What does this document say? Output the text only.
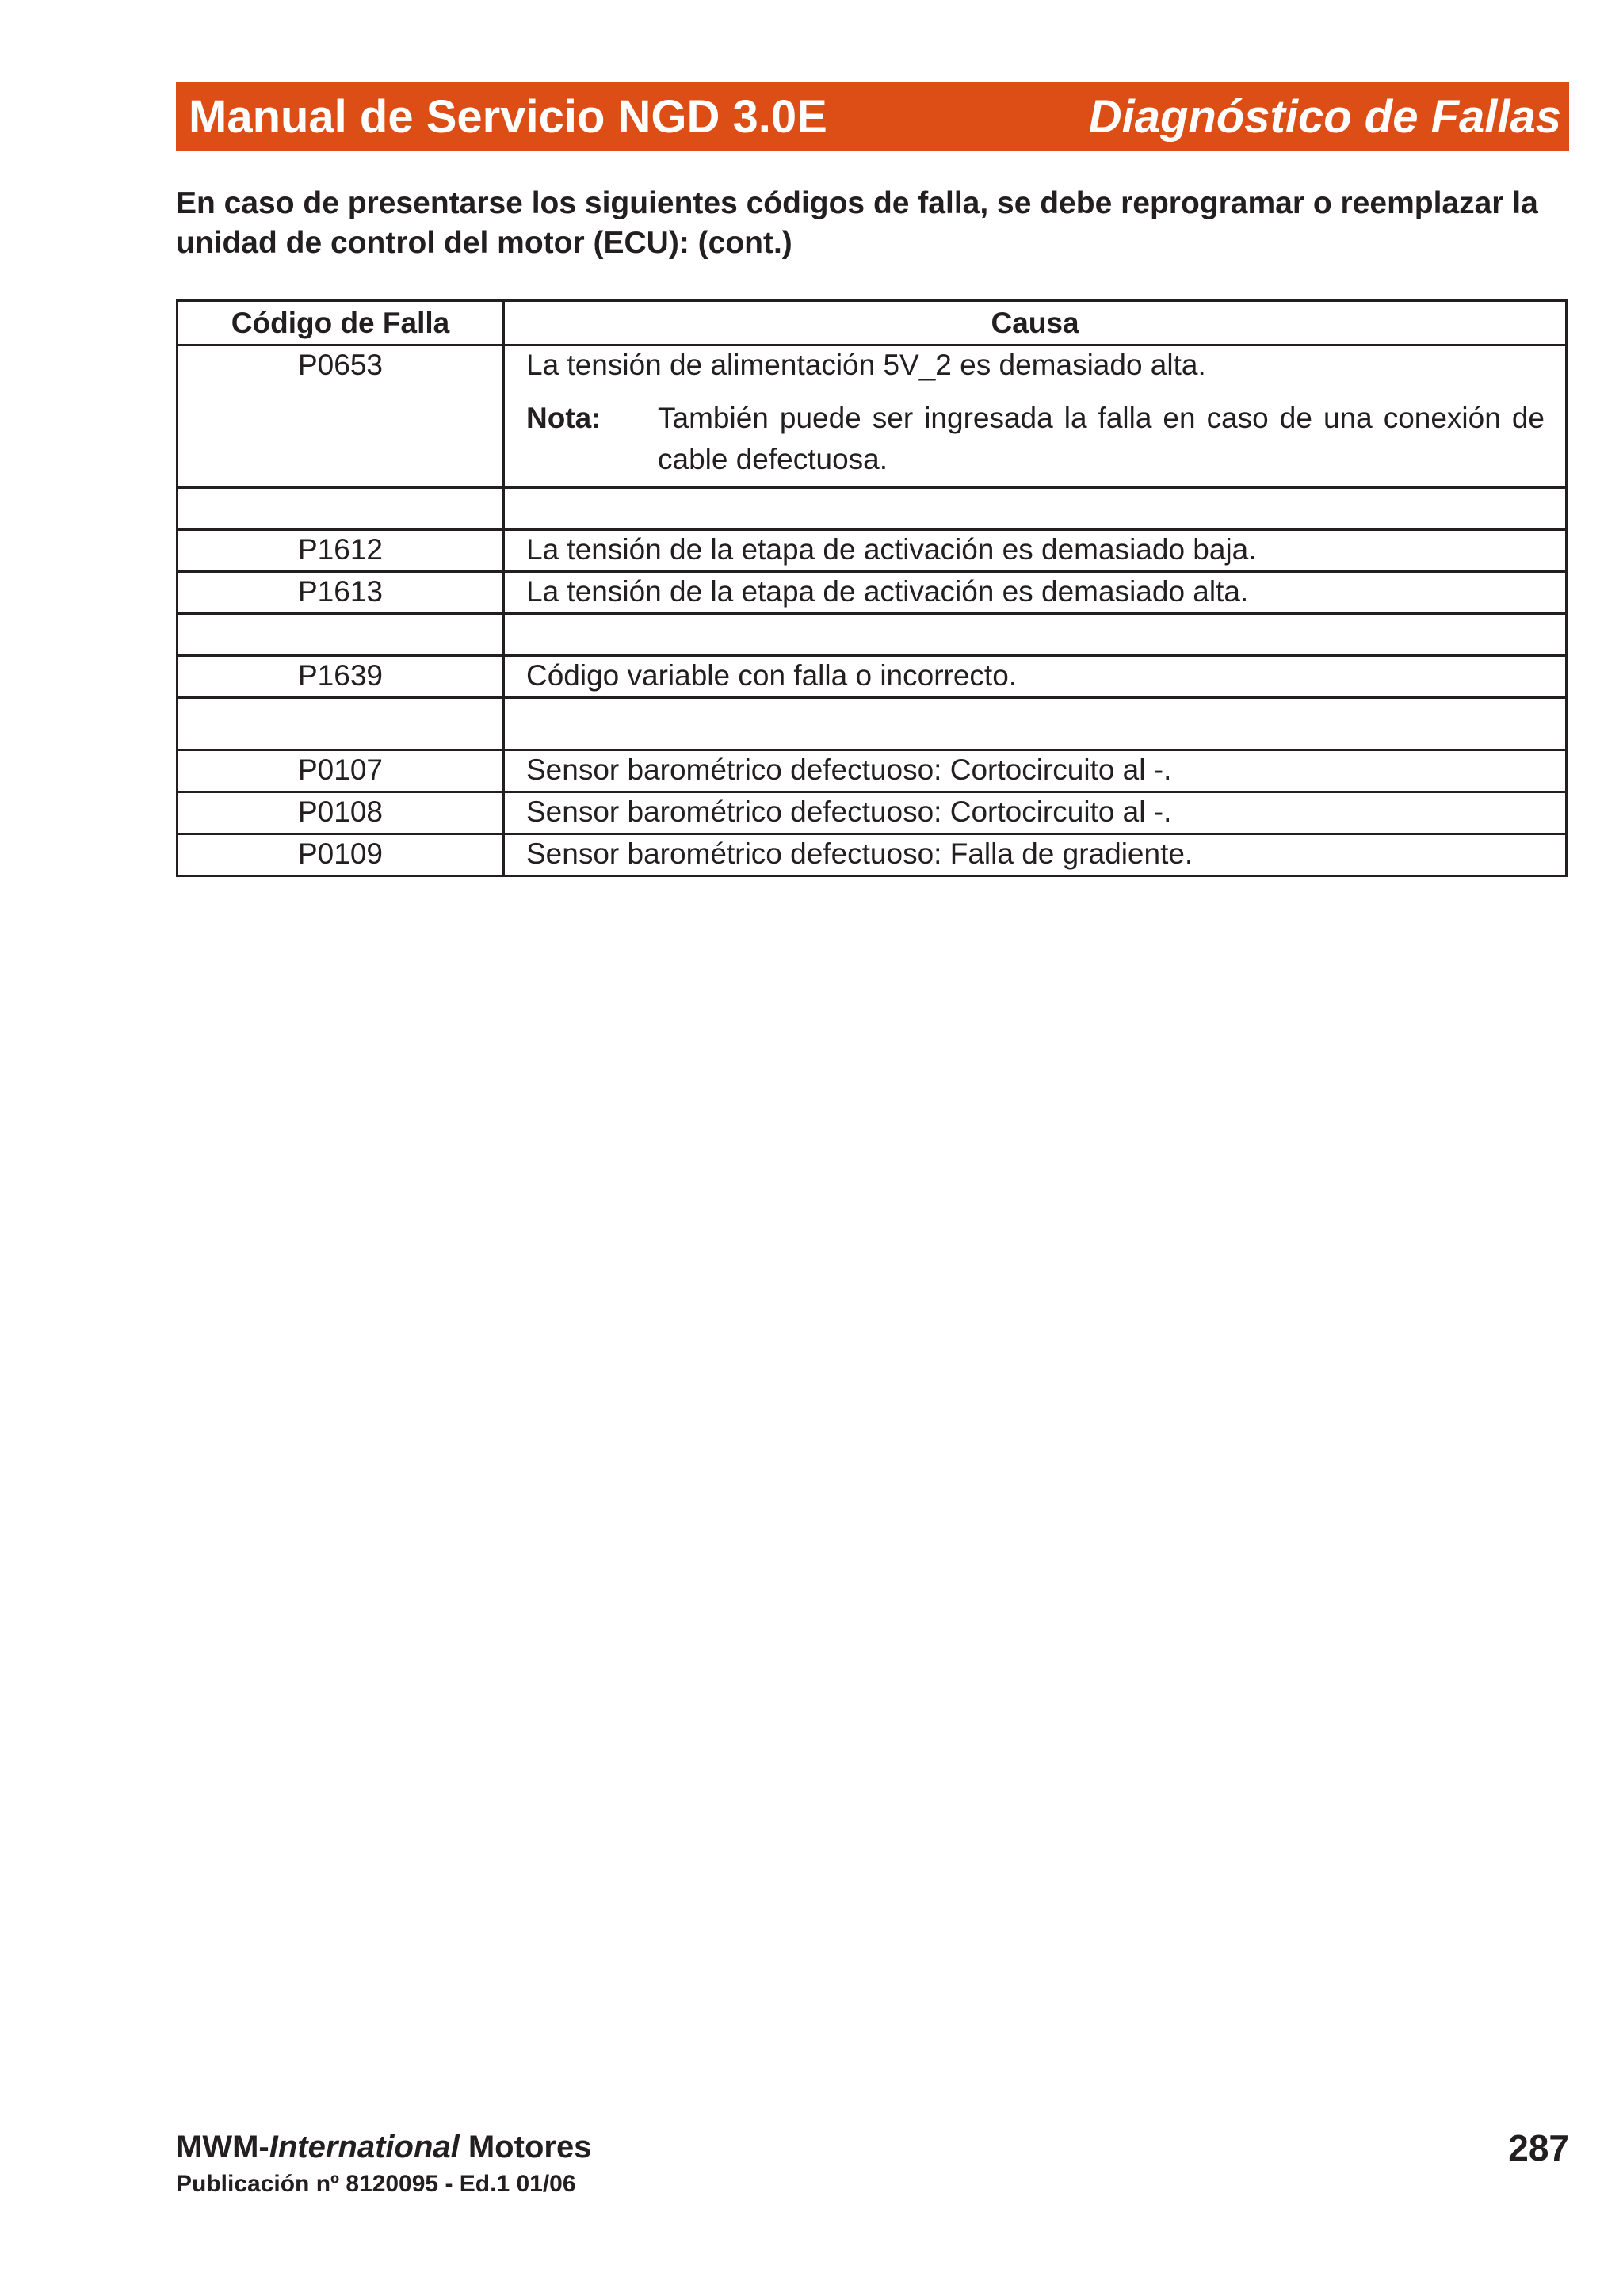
Manual de Servicio NGD 3.0E	Diagnóstico de Fallas
En caso de presentarse los siguientes códigos de falla, se debe reprogramar o reemplazar la
unidad de control del motor (ECU): (cont.)
Código de Falla	Causa
P0653	La tensión de alimentación 5V_2 es demasiado alta.
Nota: También puede ser ingresada la falla en caso de una conexión de cable defectuosa.

P1612	La tensión de la etapa de activación es demasiado baja.
P1613	La tensión de la etapa de activación es demasiado alta.

P1639	Código variable con falla o incorrecto.

P0107	Sensor barométrico defectuoso: Cortocircuito al -.
P0108	Sensor barométrico defectuoso: Cortocircuito al -.
P0109	Sensor barométrico defectuoso: Falla de gradiente.
MWM-International Motores
Publicación nº 8120095 - Ed.1 01/06
287
